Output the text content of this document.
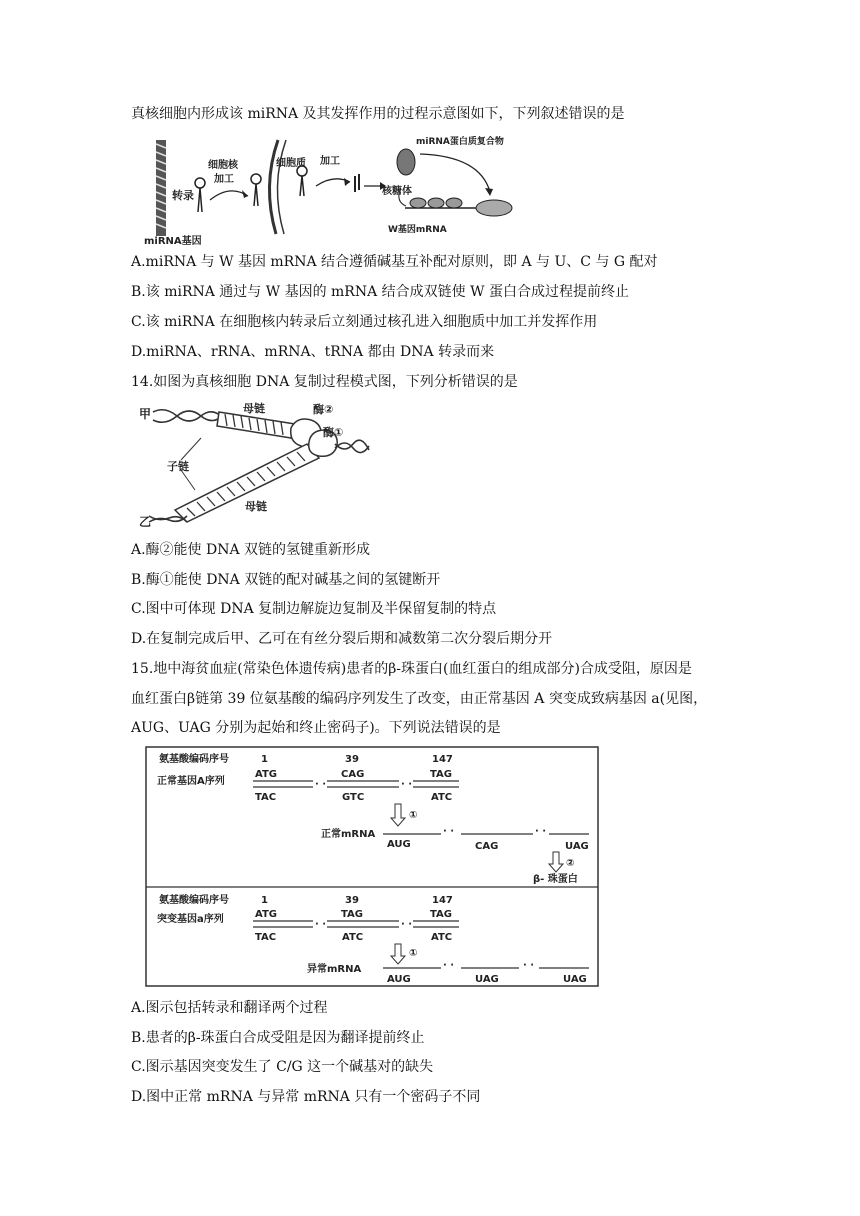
真核细胞内形成该 miRNA 及其发挥作用的过程示意图如下，下列叙述错误的是
miRNA基因
转录
细胞核
加工
细胞质 加工
miRNA蛋白质复合物
核糖体
W基因mRNA
A.miRNA 与 W 基因 mRNA 结合遵循碱基互补配对原则，即 A 与 U、C 与 G 配对
B.该 miRNA 通过与 W 基因的 mRNA 结合成双链使 W 蛋白合成过程提前终止
C.该 miRNA 在细胞核内转录后立刻通过核孔进入细胞质中加工并发挥作用
D.miRNA、rRNA、mRNA、tRNA 都由 DNA 转录而来
14.如图为真核细胞 DNA 复制过程模式图，下列分析错误的是
甲
乙
母链	酶②
子链
母链
酶①
A.酶②能使 DNA 双链的氢键重新形成
B.酶①能使 DNA 双链的配对碱基之间的氢键断开
C.图中可体现 DNA 复制边解旋边复制及半保留复制的特点
D.在复制完成后甲、乙可在有丝分裂后期和减数第二次分裂后期分开
15.地中海贫血症(常染色体遗传病)患者的β-珠蛋白(血红蛋白的组成部分)合成受阻，原因是
血红蛋白β链第 39 位氨基酸的编码序列发生了改变，由正常基因 A 突变成致病基因 a(见图，
AUG、UAG 分别为起始和终止密码子)。下列说法错误的是
氨基酸编码序号
正常基因A序列
1	39	147
ATG	CAG	TAG
· ·	· ·
TAC	GTC	ATC
①
正常mRNA	· ·	· ·
AUG	CAG	UAG
②
β- 珠蛋白
氨基酸编码序号
突变基因a序列
1	39	147
ATG	TAG	TAG
· ·	· ·
TAC	ATC	ATC
①
异常mRNA	· ·	· ·
AUG	UAG	UAG
A.图示包括转录和翻译两个过程
B.患者的β-珠蛋白合成受阻是因为翻译提前终止
C.图示基因突变发生了 C/G 这一个碱基对的缺失
D.图中正常 mRNA 与异常 mRNA 只有一个密码子不同
